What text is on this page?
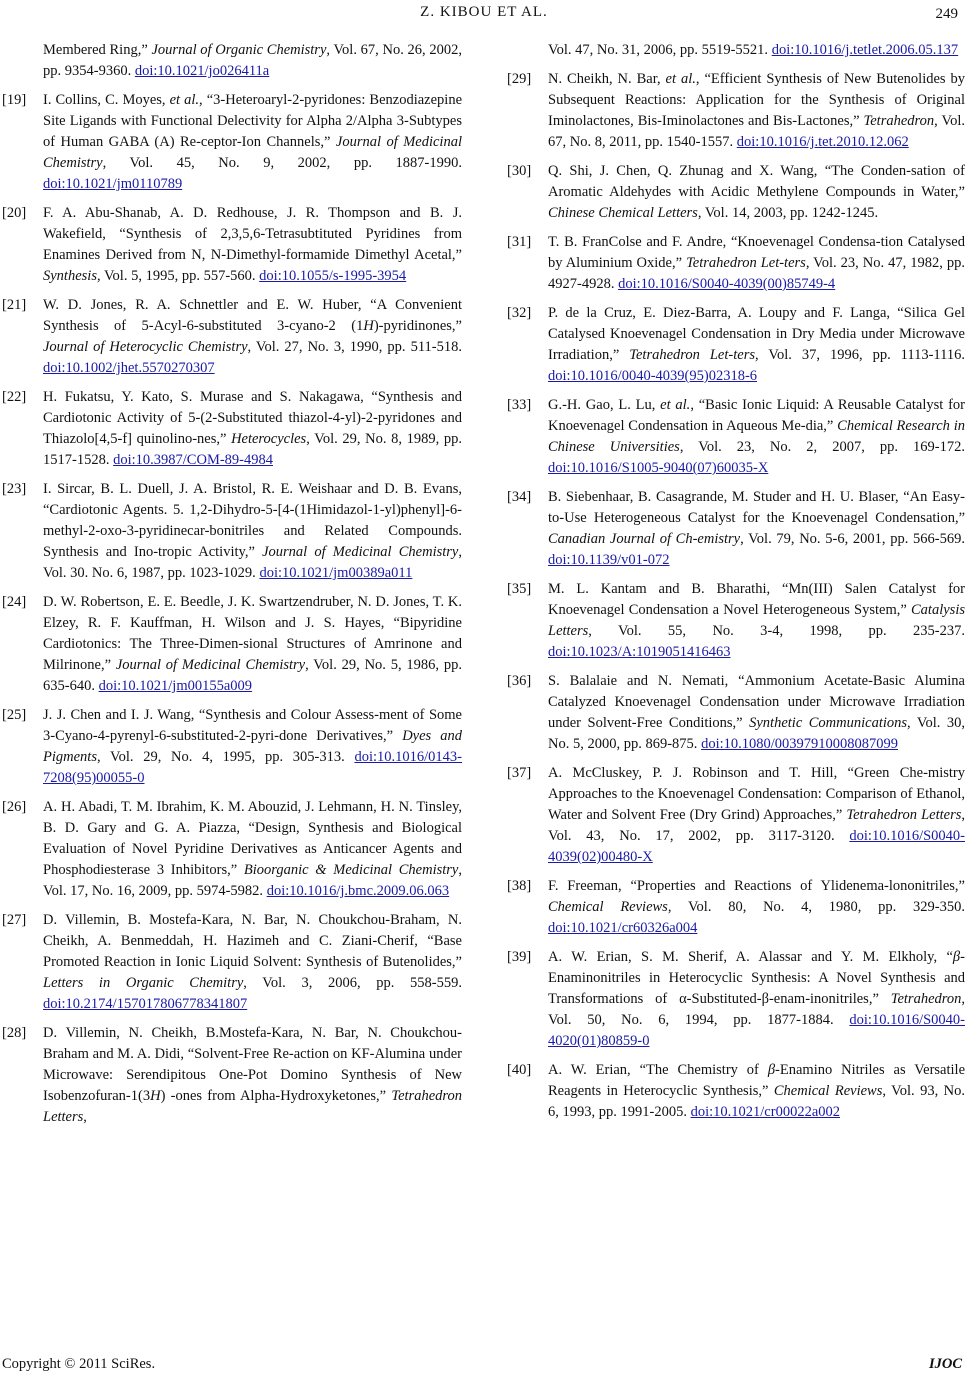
Z. KIBOU ET AL.	249
Membered Ring,” Journal of Organic Chemistry, Vol. 67, No. 26, 2002, pp. 9354-9360. doi:10.1021/jo026411a
[19]	I. Collins, C. Moyes, et al., “3-Heteroaryl-2-pyridones: Benzodiazepine Site Ligands with Functional Delectivity for Alpha 2/Alpha 3-Subtypes of Human GABA (A) Re-ceptor-Ion Channels,” Journal of Medicinal Chemistry, Vol. 45, No. 9, 2002, pp. 1887-1990. doi:10.1021/jm0110789
[20]	F. A. Abu-Shanab, A. D. Redhouse, J. R. Thompson and B. J. Wakefield, “Synthesis of 2,3,5,6-Tetrasubtituted Pyridines from Enamines Derived from N, N-Dimethyl-formamide Dimethyl Acetal,” Synthesis, Vol. 5, 1995, pp. 557-560. doi:10.1055/s-1995-3954
[21]	W. D. Jones, R. A. Schnettler and E. W. Huber, “A Convenient Synthesis of 5-Acyl-6-substituted 3-cyano-2 (1H)-pyridinones,” Journal of Heterocyclic Chemistry, Vol. 27, No. 3, 1990, pp. 511-518. doi:10.1002/jhet.5570270307
[22]	H. Fukatsu, Y. Kato, S. Murase and S. Nakagawa, “Synthesis and Cardiotonic Activity of 5-(2-Substituted thiazol-4-yl)-2-pyridones and Thiazolo[4,5-f] quinolino-nes,” Heterocycles, Vol. 29, No. 8, 1989, pp. 1517-1528. doi:10.3987/COM-89-4984
[23]	I. Sircar, B. L. Duell, J. A. Bristol, R. E. Weishaar and D. B. Evans, “Cardiotonic Agents. 5. 1,2-Dihydro-5-[4-(1Himidazol-1-yl)phenyl]-6-methyl-2-oxo-3-pyridinecar-bonitriles and Related Compounds. Synthesis and Ino-tropic Activity,” Journal of Medicinal Chemistry, Vol. 30. No. 6, 1987, pp. 1023-1029. doi:10.1021/jm00389a011
[24]	D. W. Robertson, E. E. Beedle, J. K. Swartzendruber, N. D. Jones, T. K. Elzey, R. F. Kauffman, H. Wilson and J. S. Hayes, “Bipyridine Cardiotonics: The Three-Dimen-sional Structures of Amrinone and Milrinone,” Journal of Medicinal Chemistry, Vol. 29, No. 5, 1986, pp. 635-640. doi:10.1021/jm00155a009
[25]	J. J. Chen and I. J. Wang, “Synthesis and Colour Assess-ment of Some 3-Cyano-4-pyrenyl-6-substituted-2-pyri-done Derivatives,” Dyes and Pigments, Vol. 29, No. 4, 1995, pp. 305-313. doi:10.1016/0143-7208(95)00055-0
[26]	A. H. Abadi, T. M. Ibrahim, K. M. Abouzid, J. Lehmann, H. N. Tinsley, B. D. Gary and G. A. Piazza, “Design, Synthesis and Biological Evaluation of Novel Pyridine Derivatives as Anticancer Agents and Phosphodiesterase 3 Inhibitors,” Bioorganic & Medicinal Chemistry, Vol. 17, No. 16, 2009, pp. 5974-5982. doi:10.1016/j.bmc.2009.06.063
[27]	D. Villemin, B. Mostefa-Kara, N. Bar, N. Choukchou-Braham, N. Cheikh, A. Benmeddah, H. Hazimeh and C. Ziani-Cherif, “Base Promoted Reaction in Ionic Liquid Solvent: Synthesis of Butenolides,” Letters in Organic Chemitry, Vol. 3, 2006, pp. 558-559. doi:10.2174/157017806778341807
[28]	D. Villemin, N. Cheikh, B.Mostefa-Kara, N. Bar, N. Choukchou-Braham and M. A. Didi, “Solvent-Free Re-action on KF-Alumina under Microwave: Serendipitous One-Pot Domino Synthesis of New Isobenzofuran-1(3H) -ones from Alpha-Hydroxyketones,” Tetrahedron Letters,
Vol. 47, No. 31, 2006, pp. 5519-5521. doi:10.1016/j.tetlet.2006.05.137
[29]	N. Cheikh, N. Bar, et al., “Efficient Synthesis of New Butenolides by Subsequent Reactions: Application for the Synthesis of Original Iminolactones, Bis-Iminolactones and Bis-Lactones,” Tetrahedron, Vol. 67, No. 8, 2011, pp. 1540-1557. doi:10.1016/j.tet.2010.12.062
[30]	Q. Shi, J. Chen, Q. Zhunag and X. Wang, “The Conden-sation of Aromatic Aldehydes with Acidic Methylene Compounds in Water,” Chinese Chemical Letters, Vol. 14, 2003, pp. 1242-1245.
[31]	T. B. FranColse and F. Andre, “Knoevenagel Condensa-tion Catalysed by Aluminium Oxide,” Tetrahedron Let-ters, Vol. 23, No. 47, 1982, pp. 4927-4928. doi:10.1016/S0040-4039(00)85749-4
[32]	P. de la Cruz, E. Diez-Barra, A. Loupy and F. Langa, “Silica Gel Catalysed Knoevenagel Condensation in Dry Media under Microwave Irradiation,” Tetrahedron Let-ters, Vol. 37, 1996, pp. 1113-1116. doi:10.1016/0040-4039(95)02318-6
[33]	G.-H. Gao, L. Lu, et al., “Basic Ionic Liquid: A Reusable Catalyst for Knoevenagel Condensation in Aqueous Me-dia,” Chemical Research in Chinese Universities, Vol. 23, No. 2, 2007, pp. 169-172. doi:10.1016/S1005-9040(07)60035-X
[34]	B. Siebenhaar, B. Casagrande, M. Studer and H. U. Blaser, “An Easy-to-Use Heterogeneous Catalyst for the Knoevenagel Condensation,” Canadian Journal of Ch-emistry, Vol. 79, No. 5-6, 2001, pp. 566-569. doi:10.1139/v01-072
[35]	M. L. Kantam and B. Bharathi, “Mn(III) Salen Catalyst for Knoevenagel Condensation a Novel Heterogeneous System,” Catalysis Letters, Vol. 55, No. 3-4, 1998, pp. 235-237. doi:10.1023/A:1019051416463
[36]	S. Balalaie and N. Nemati, “Ammonium Acetate-Basic Alumina Catalyzed Knoevenagel Condensation under Microwave Irradiation under Solvent-Free Conditions,” Synthetic Communications, Vol. 30, No. 5, 2000, pp. 869-875. doi:10.1080/00397910008087099
[37]	A. McCluskey, P. J. Robinson and T. Hill, “Green Che-mistry Approaches to the Knoevenagel Condensation: Comparison of Ethanol, Water and Solvent Free (Dry Grind) Approaches,” Tetrahedron Letters, Vol. 43, No. 17, 2002, pp. 3117-3120. doi:10.1016/S0040-4039(02)00480-X
[38]	F. Freeman, “Properties and Reactions of Ylidenema-lononitriles,” Chemical Reviews, Vol. 80, No. 4, 1980, pp. 329-350. doi:10.1021/cr60326a004
[39]	A. W. Erian, S. M. Sherif, A. Alassar and Y. M. Elkholy, “β-Enaminonitriles in Heterocyclic Synthesis: A Novel Synthesis and Transformations of α-Substituted-β-enam-inonitriles,” Tetrahedron, Vol. 50, No. 6, 1994, pp. 1877-1884. doi:10.1016/S0040-4020(01)80859-0
[40]	A. W. Erian, “The Chemistry of β-Enamino Nitriles as Versatile Reagents in Heterocyclic Synthesis,” Chemical Reviews, Vol. 93, No. 6, 1993, pp. 1991-2005. doi:10.1021/cr00022a002
Copyright © 2011 SciRes.	IJOC
